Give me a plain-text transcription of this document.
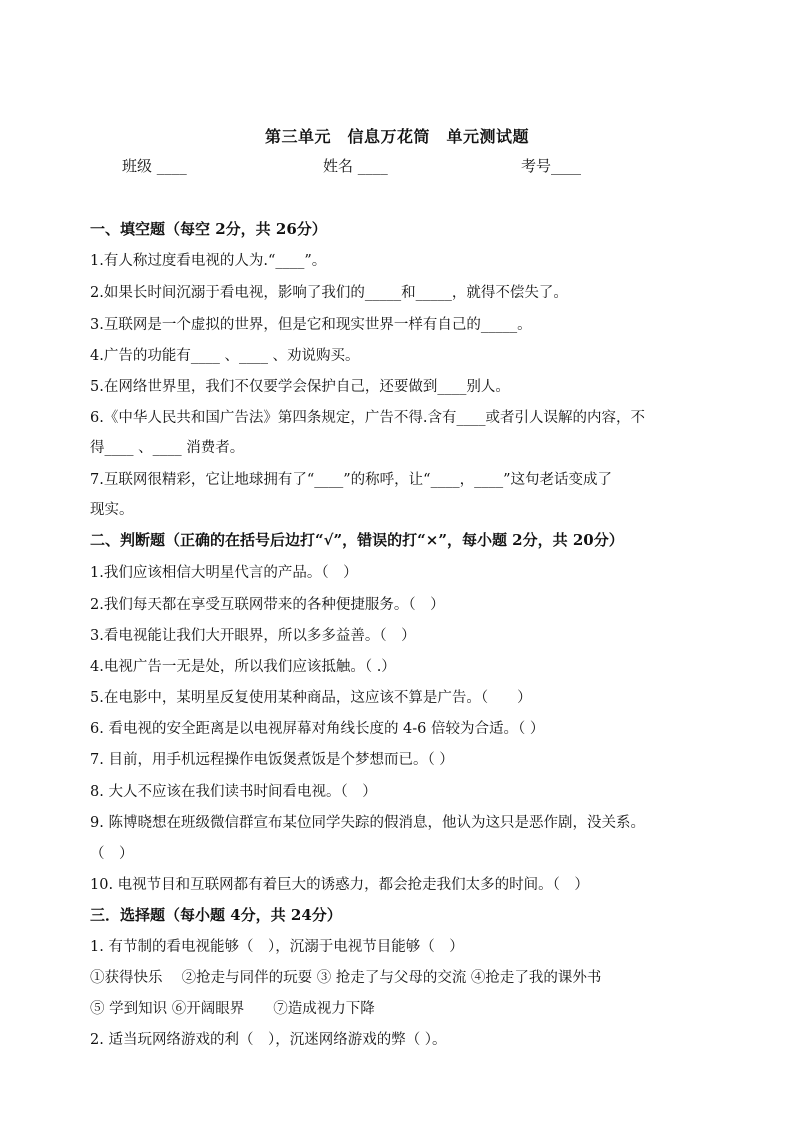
第三单元　信息万花筒　单元测试题
班级 ____	姓名 ____	考号____
一、填空题（每空 2分，共 26分）
1.有人称过度看电视的人为.“____”。
2.如果长时间沉溺于看电视，影响了我们的_____和_____，就得不偿失了。
3.互联网是一个虚拟的世界，但是它和现实世界一样有自己的_____。
4.广告的功能有____ 、____ 、劝说购买。
5.在网络世界里，我们不仅要学会保护自己，还要做到____别人。
6.《中华人民共和国广告法》第四条规定，广告不得.含有____或者引人误解的内容，不
得____ 、____ 消费者。
7.互联网很精彩，它让地球拥有了“____”的称呼，让“____，____”这句老话变成了
现实。
二、判断题（正确的在括号后边打“√”，错误的打“×”，每小题 2分，共 20分）
1.我们应该相信大明星代言的产品。（　）
2.我们每天都在享受互联网带来的各种便捷服务。（　）
3.看电视能让我们大开眼界，所以多多益善。（　）
4.电视广告一无是处，所以我们应该抵触。（ .）
5.在电影中，某明星反复使用某种商品，这应该不算是广告。（　　）
6. 看电视的安全距离是以电视屏幕对角线长度的 4-6 倍较为合适。（ ）
7. 目前，用手机远程操作电饭煲煮饭是个梦想而已。（ ）
8. 大人不应该在我们读书时间看电视。（　）
9. 陈博晓想在班级微信群宣布某位同学失踪的假消息，他认为这只是恶作剧，没关系。
（　）
10. 电视节目和互联网都有着巨大的诱惑力，都会抢走我们太多的时间。（　）
三．选择题（每小题 4分，共 24分）
1. 有节制的看电视能够（　），沉溺于电视节目能够（　）
①获得快乐　 ②抢走与同伴的玩耍 ③ 抢走了与父母的交流 ④抢走了我的课外书
⑤ 学到知识 ⑥开阔眼界　　⑦造成视力下降
2. 适当玩网络游戏的利（　），沉迷网络游戏的弊（ ）。
